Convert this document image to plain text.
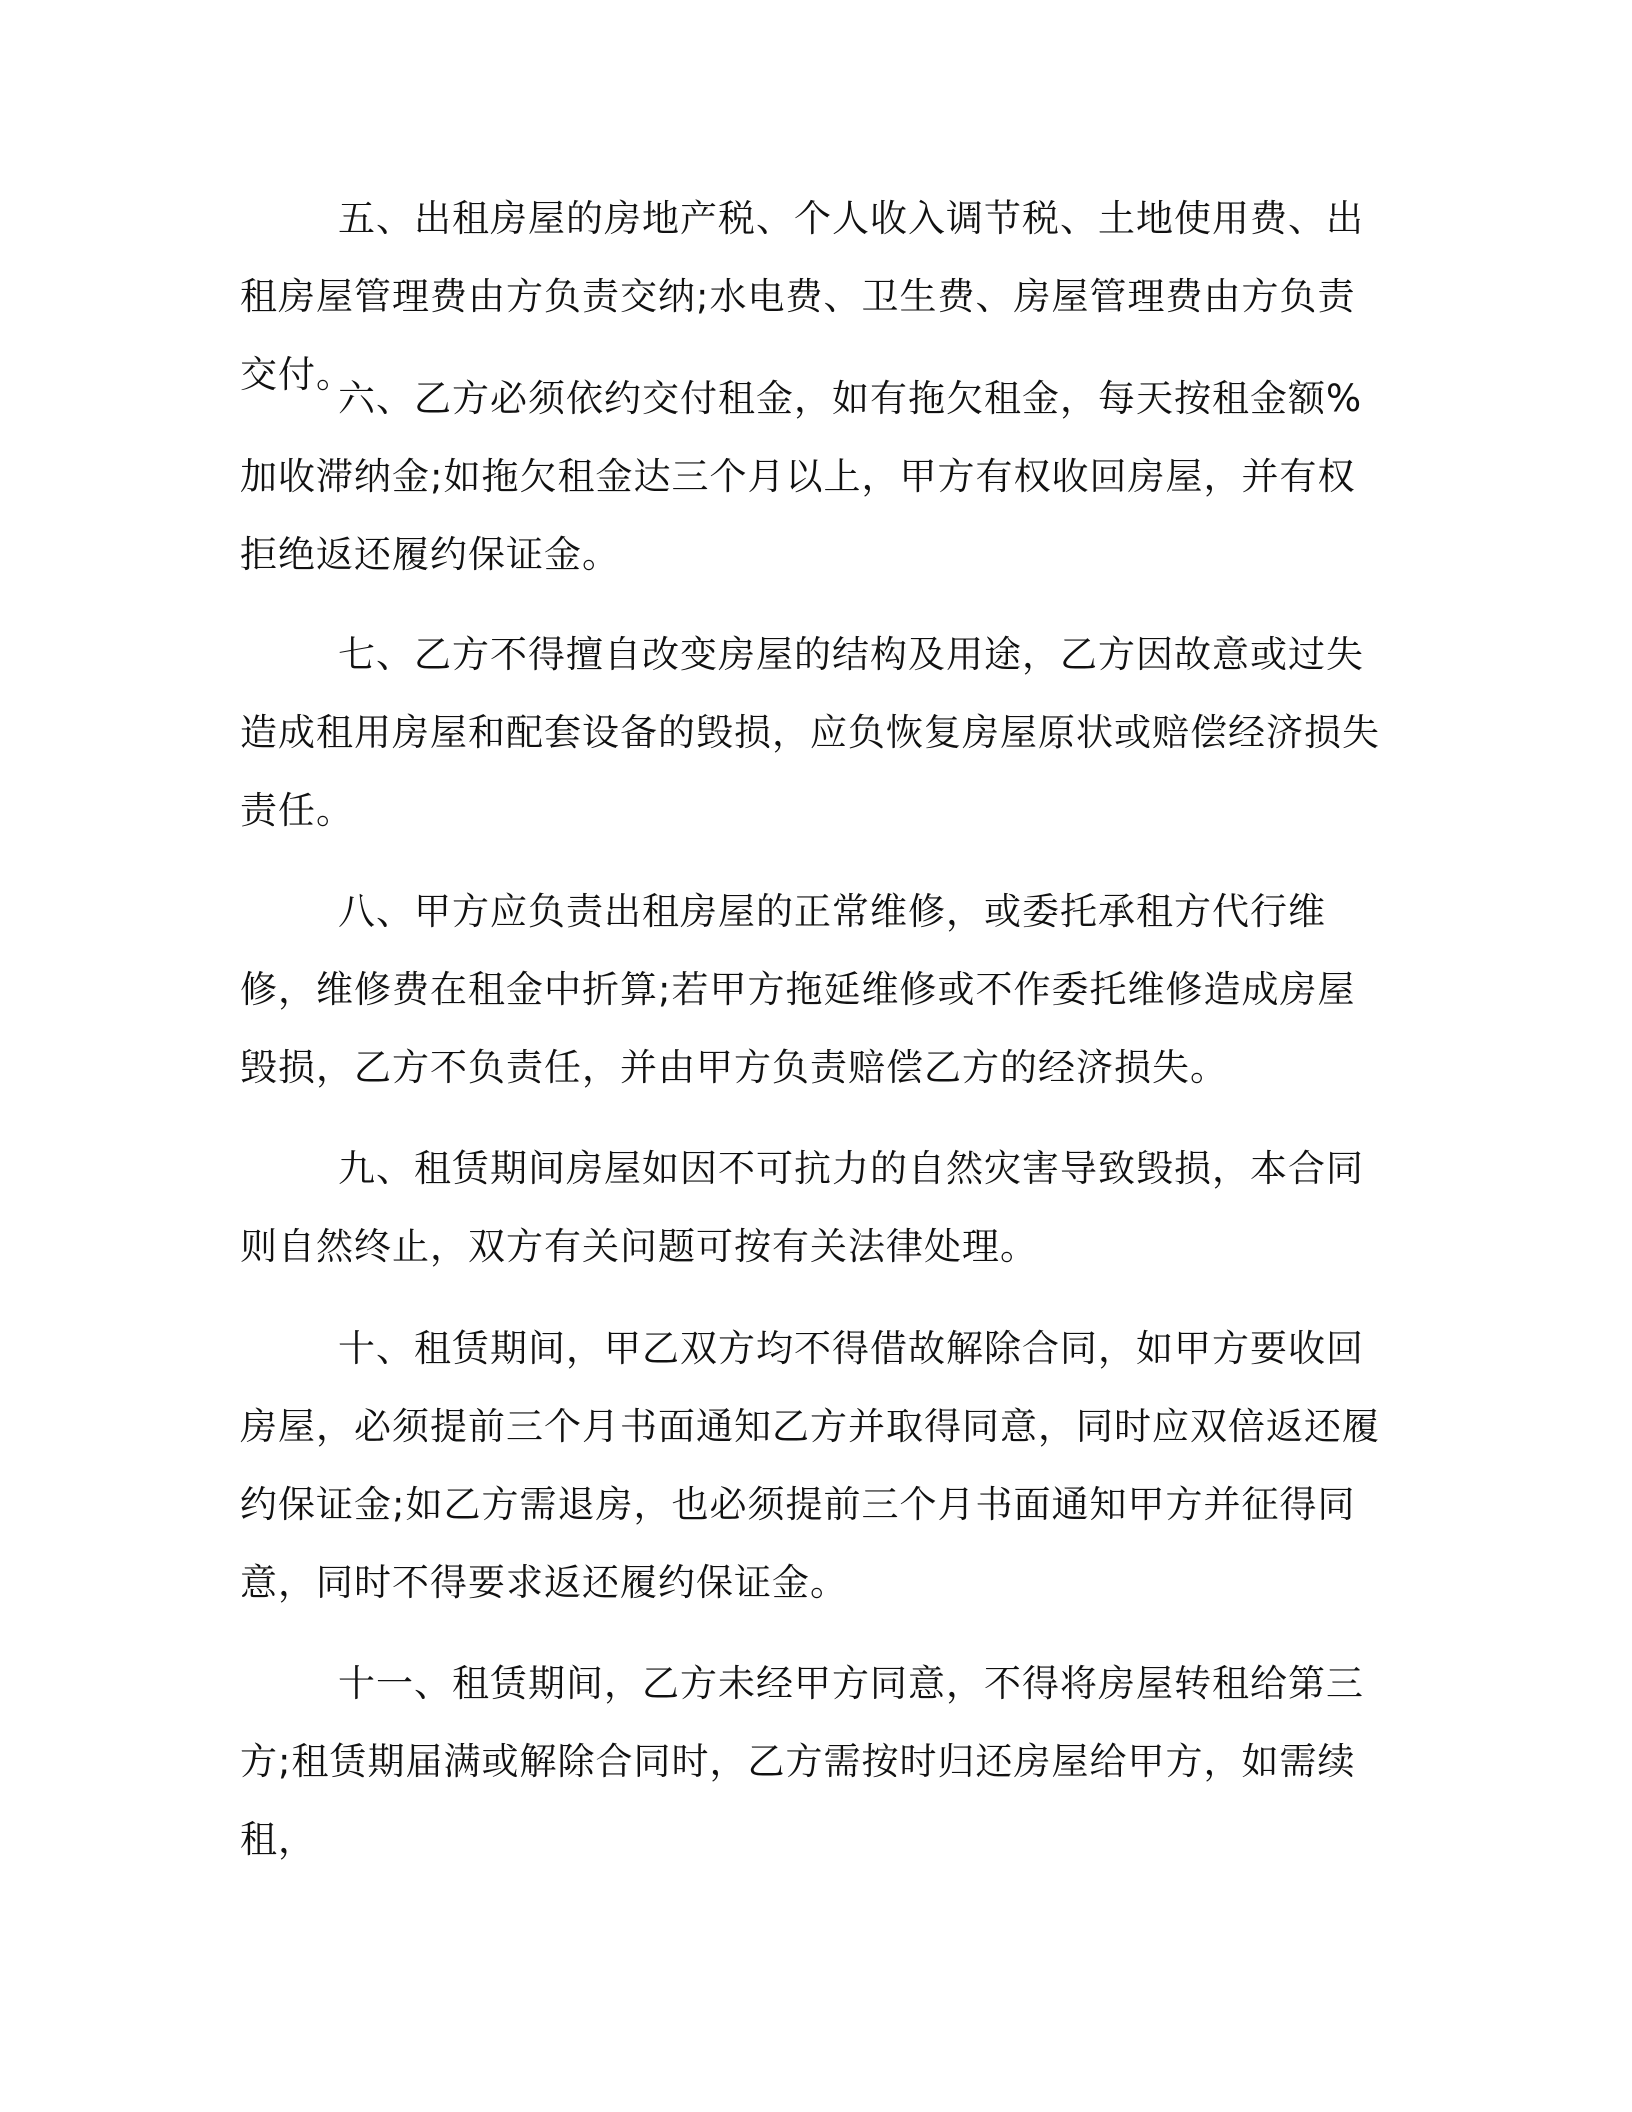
五、出租房屋的房地产税、个人收入调节税、土地使用费、出租房屋管理费由方负责交纳;水电费、卫生费、房屋管理费由方负责交付。

六、乙方必须依约交付租金，如有拖欠租金，每天按租金额%加收滞纳金;如拖欠租金达三个月以上，甲方有权收回房屋，并有权拒绝返还履约保证金。

七、乙方不得擅自改变房屋的结构及用途，乙方因故意或过失造成租用房屋和配套设备的毁损，应负恢复房屋原状或赔偿经济损失责任。

八、甲方应负责出租房屋的正常维修，或委托承租方代行维修，维修费在租金中折算;若甲方拖延维修或不作委托维修造成房屋毁损，乙方不负责任，并由甲方负责赔偿乙方的经济损失。

九、租赁期间房屋如因不可抗力的自然灾害导致毁损，本合同则自然终止，双方有关问题可按有关法律处理。

十、租赁期间，甲乙双方均不得借故解除合同，如甲方要收回房屋，必须提前三个月书面通知乙方并取得同意，同时应双倍返还履约保证金;如乙方需退房，也必须提前三个月书面通知甲方并征得同意，同时不得要求返还履约保证金。

十一、租赁期间，乙方未经甲方同意，不得将房屋转租给第三方;租赁期届满或解除合同时，乙方需按时归还房屋给甲方，如需续租，
